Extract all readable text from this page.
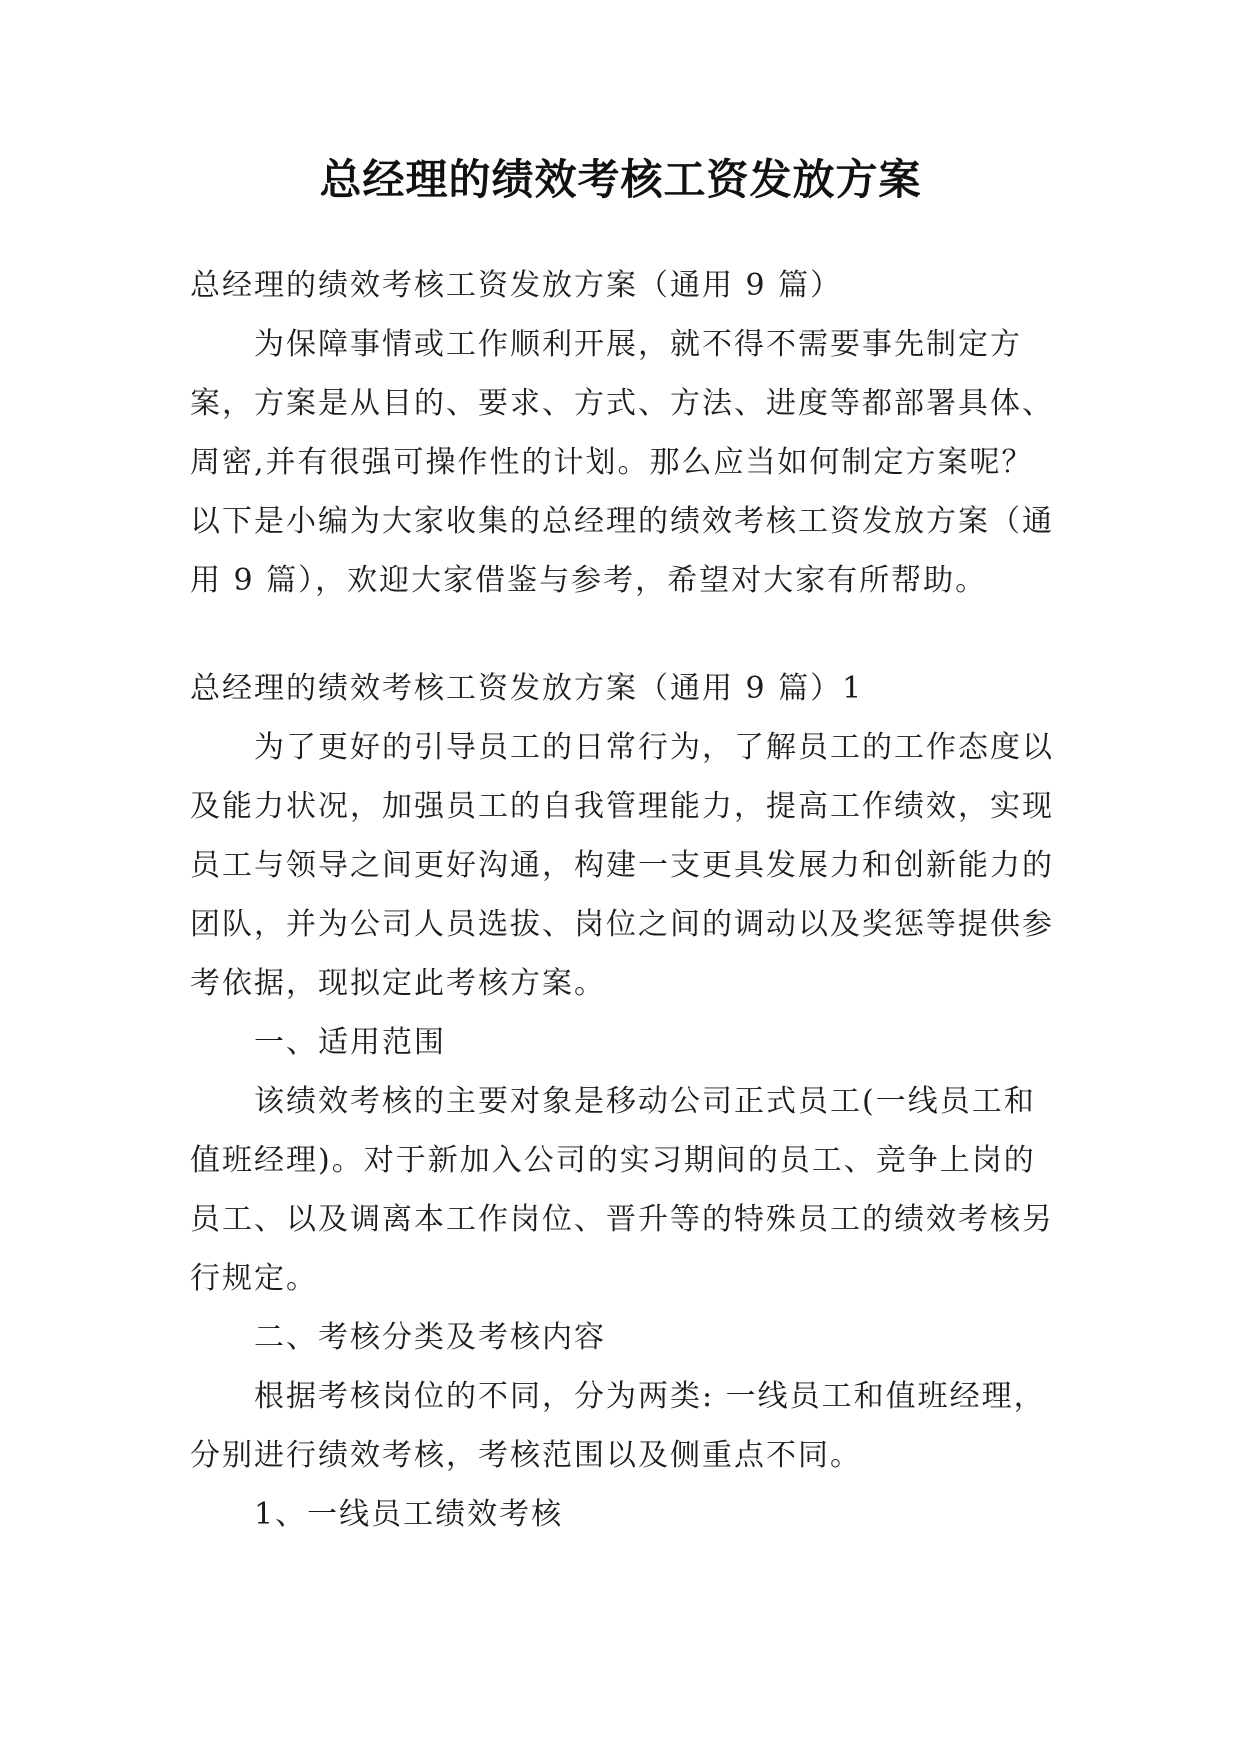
总经理的绩效考核工资发放方案

总经理的绩效考核工资发放方案（通用 9 篇）

为保障事情或工作顺利开展，就不得不需要事先制定方案，方案是从目的、要求、方式、方法、进度等都部署具体、周密,并有很强可操作性的计划。那么应当如何制定方案呢？以下是小编为大家收集的总经理的绩效考核工资发放方案（通用 9 篇），欢迎大家借鉴与参考，希望对大家有所帮助。

总经理的绩效考核工资发放方案（通用 9 篇）1

为了更好的引导员工的日常行为，了解员工的工作态度以及能力状况，加强员工的自我管理能力，提高工作绩效，实现员工与领导之间更好沟通，构建一支更具发展力和创新能力的团队，并为公司人员选拔、岗位之间的调动以及奖惩等提供参考依据，现拟定此考核方案。

一、适用范围

该绩效考核的主要对象是移动公司正式员工(一线员工和值班经理)。对于新加入公司的实习期间的员工、竞争上岗的员工、以及调离本工作岗位、晋升等的特殊员工的绩效考核另行规定。

二、考核分类及考核内容

根据考核岗位的不同，分为两类: 一线员工和值班经理，分别进行绩效考核，考核范围以及侧重点不同。

1、一线员工绩效考核
